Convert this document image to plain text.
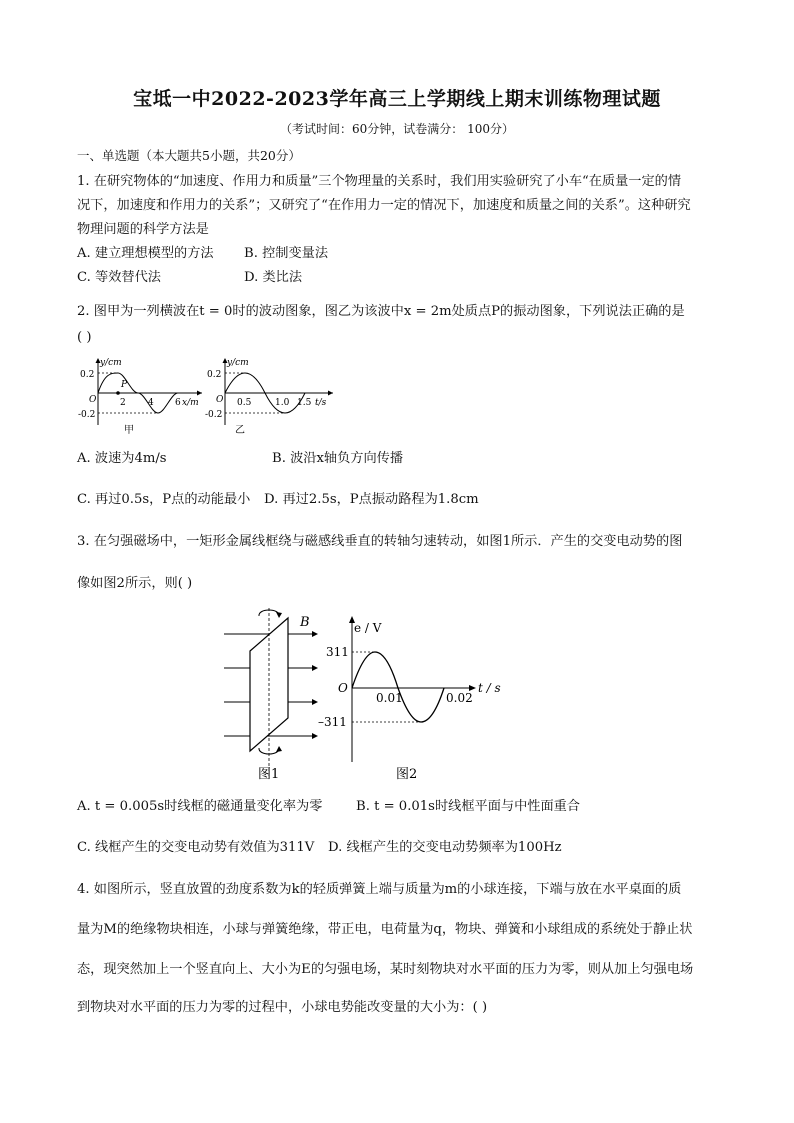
宝坻一中2022-2023学年高三上学期线上期末训练物理试题
（考试时间：60分钟，试卷满分： 100分）
一、单选题（本大题共5小题，共20分）
1. 在研究物体的“加速度、作用力和质量”三个物理量的关系时，我们用实验研究了小车“在质量一定的情
况下，加速度和作用力的关系”；又研究了“在作用力一定的情况下，加速度和质量之间的关系”。这种研究
物理问题的科学方法是
A. 建立理想模型的方法 B. 控制变量法
C. 等效替代法	D. 类比法
2. 图甲为一列横波在t = 0时的波动图象，图乙为该波中x = 2m处质点P的振动图象，下列说法正确的是
( )
y/cm
0.2
-0.2
O
P
2 4 6 x/m
甲
y/cm
0.2
-0.2
O 0.5	1.0 1.5 t/s
乙
A. 波速为4m/s	B. 波沿x轴负方向传播
C. 再过0.5s，P点的动能最小 D. 再过2.5s，P点振动路程为1.8cm
3. 在匀强磁场中，一矩形金属线框绕与磁感线垂直的转轴匀速转动，如图1所示．产生的交变电动势的图
像如图2所示，则( )
B
图1
e / V
311
–311
O
0.01	0.02
t / s
图2
A. t = 0.005s时线框的磁通量变化率为零	B. t = 0.01s时线框平面与中性面重合
C. 线框产生的交变电动势有效值为311V D. 线框产生的交变电动势频率为100Hz
4. 如图所示，竖直放置的劲度系数为k的轻质弹簧上端与质量为m的小球连接，下端与放在水平桌面的质
量为M的绝缘物块相连，小球与弹簧绝缘，带正电，电荷量为q，物块、弹簧和小球组成的系统处于静止状
态，现突然加上一个竖直向上、大小为E的匀强电场，某时刻物块对水平面的压力为零，则从加上匀强电场
到物块对水平面的压力为零的过程中，小球电势能改变量的大小为：( )
